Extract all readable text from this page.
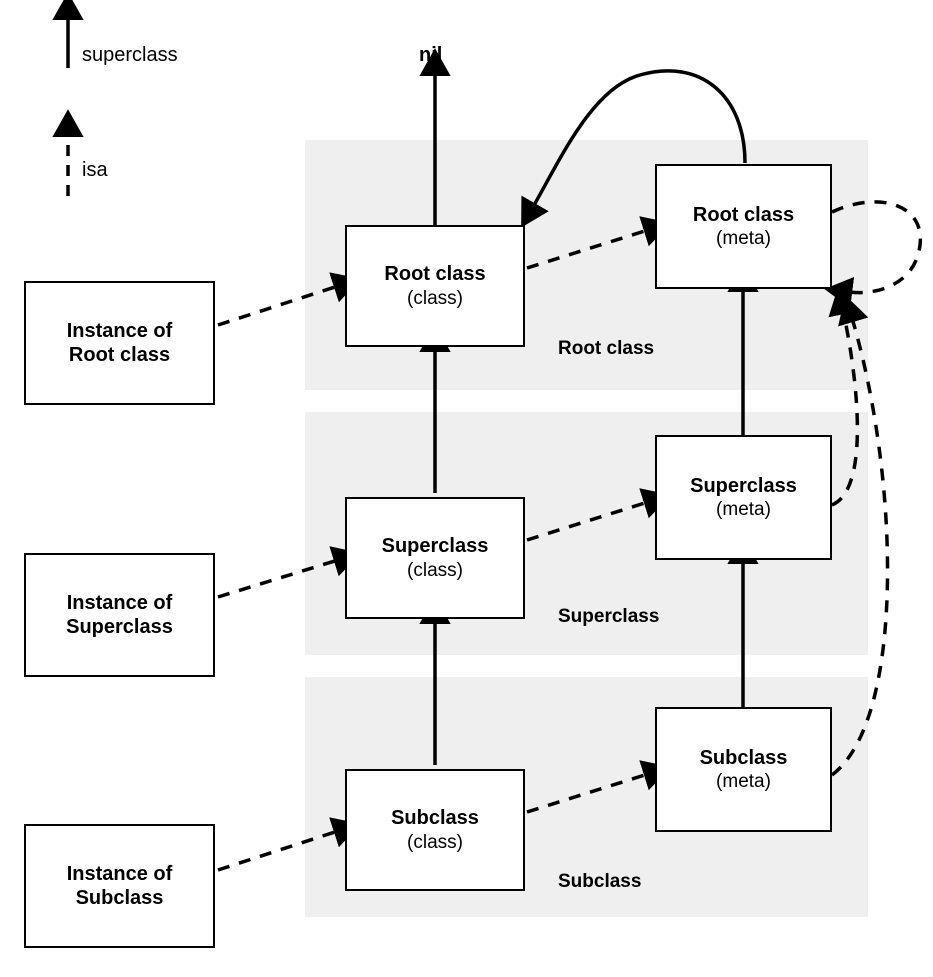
Root class
Superclass
Subclass
nil
superclass
isa
Instance of
Root class
Instance of
Superclass
Instance of
Subclass
Root class
(class)
Superclass
(class)
Subclass
(class)
Root class
(meta)
Superclass
(meta)
Subclass
(meta)
